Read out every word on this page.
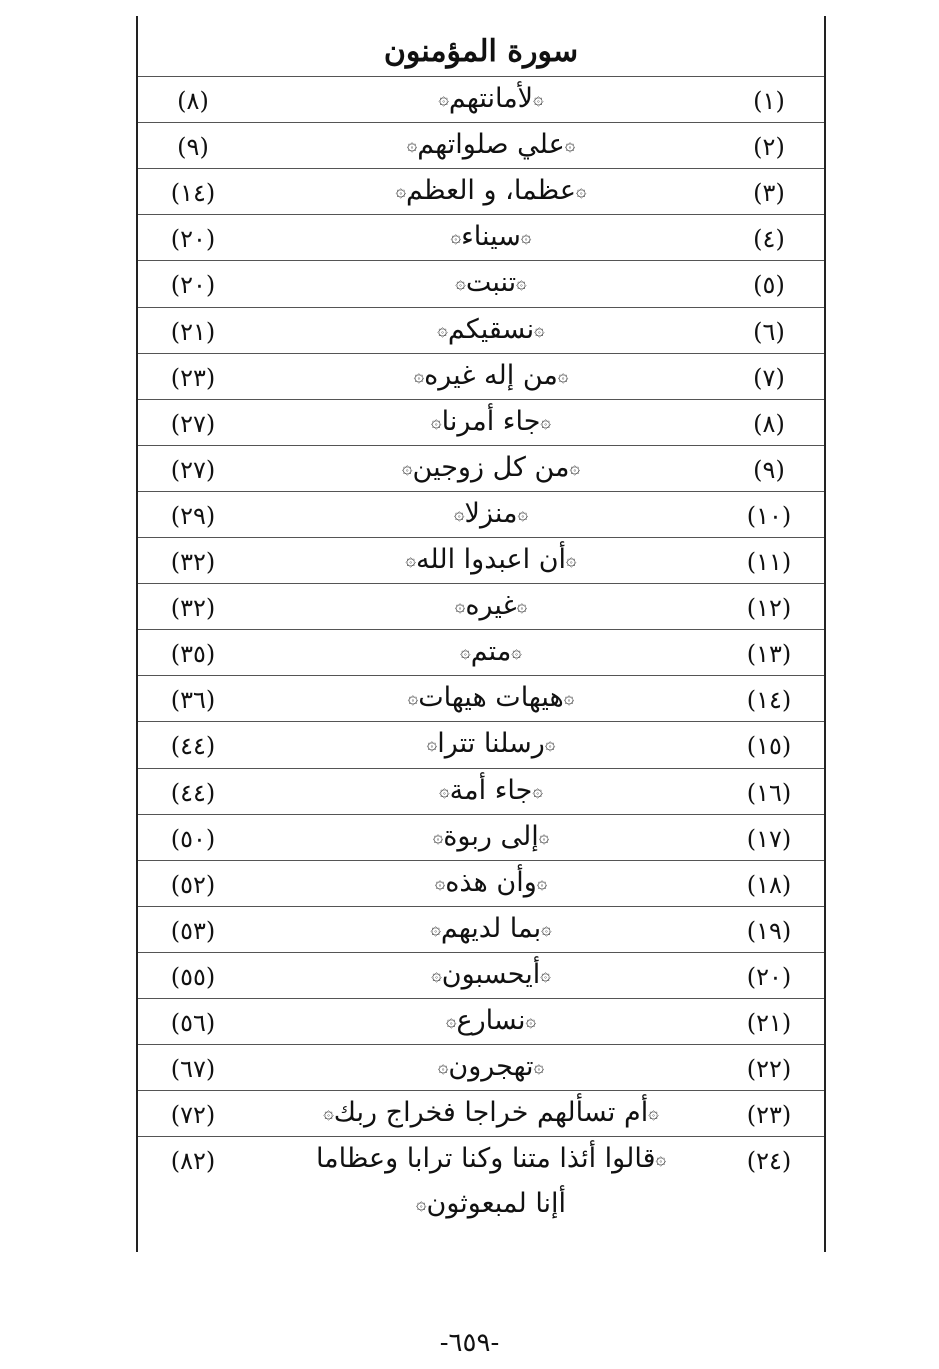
سورة المؤمنون
(١)
۞لأمانتهم۞
(٨)
(٢)
۞علي صلواتهم۞
(٩)
(٣)
۞عظما، و العظم۞
(١٤)
(٤)
۞سيناء۞
(٢٠)
(٥)
۞تنبت۞
(٢٠)
(٦)
۞نسقيكم۞
(٢١)
(٧)
۞من إله غيره۞
(٢٣)
(٨)
۞جاء أمرنا۞
(٢٧)
(٩)
۞من كل زوجين۞
(٢٧)
(١٠)
۞منزلا۞
(٢٩)
(١١)
۞أن اعبدوا الله۞
(٣٢)
(١٢)
۞غيره۞
(٣٢)
(١٣)
۞متم۞
(٣٥)
(١٤)
۞هيهات هيهات۞
(٣٦)
(١٥)
۞رسلنا تترا۞
(٤٤)
(١٦)
۞جاء أمة۞
(٤٤)
(١٧)
۞إلى ربوة۞
(٥٠)
(١٨)
۞وأن هذه۞
(٥٢)
(١٩)
۞بما لديهم۞
(٥٣)
(٢٠)
۞أيحسبون۞
(٥٥)
(٢١)
۞نسارع۞
(٥٦)
(٢٢)
۞تهجرون۞
(٦٧)
(٢٣)
۞أم تسألهم خراجا فخراج ربك۞
(٧٢)
(٢٤)
۞قالوا أئذا متنا وكنا ترابا وعظاما أإنا لمبعوثون۞
(٨٢)
-٦٥٩-
